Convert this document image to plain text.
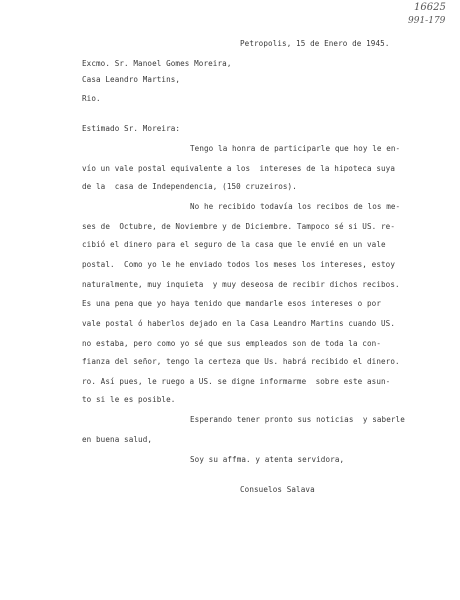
16625
991-179
Petropolis, 15 de Enero de 1945.
Excmo. Sr. Manoel Gomes Moreira,
Casa Leandro Martins,
Rio.
Estimado Sr. Moreira:
Tengo la honra de participarle que hoy le en-
vío un vale postal equivalente a los  intereses de la hipoteca suya
de la  casa de Independencia, (150 cruzeiros).
No he recibido todavía los recibos de los me-
ses de  Octubre, de Noviembre y de Diciembre. Tampoco sé si US. re-
cibió el dinero para el seguro de la casa que le envié en un vale
postal.  Como yo le he enviado todos los meses los intereses, estoy
naturalmente, muy inquieta  y muy deseosa de recibir dichos recibos.
Es una pena que yo haya tenido que mandarle esos intereses o por
vale postal ó haberlos dejado en la Casa Leandro Martins cuando US.
no estaba, pero como yo sé que sus empleados son de toda la con-
fianza del señor, tengo la certeza que Us. habrá recibido el dinero.
ro. Así pues, le ruego a US. se digne informarme  sobre este asun-
to si le es posible.
Esperando tener pronto sus noticias  y saberle
en buena salud,
Soy su affma. y atenta servidora,
Consuelos Salava
